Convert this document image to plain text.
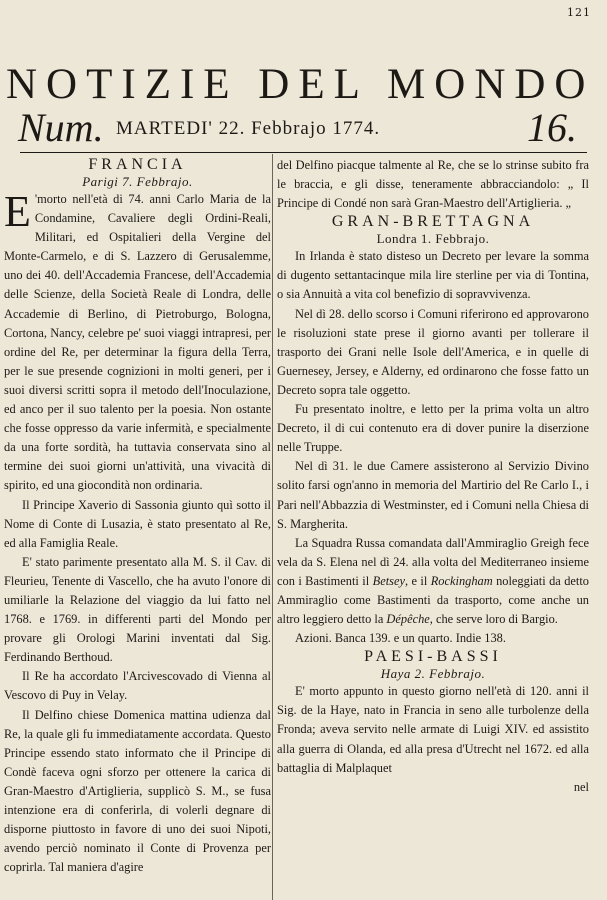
121
NOTIZIE DEL MONDO
Num. MARTEDI' 22. Febbrajo 1774.	16.

FRANCIA

Parigi 7. Febbrajo.

E 'morto nell'età di 74. anni Carlo Maria de la Condamine, Cavaliere degli Ordini-Reali, Militari, ed Ospitalieri della Vergine del Monte-Carmelo, e di S. Lazzero di Gerusalemme, uno dei 40. dell'Accademia Francese, dell'Accademia delle Scienze, della Società Reale di Londra, delle Accademie di Berlino, di Pietroburgo, Bologna, Cortona, Nancy, celebre pe' suoi viaggi intrapresi, per ordine del Re, per determinar la figura della Terra, per le sue presende cognizioni in molti generi, per i suoi diversi scritti sopra il metodo dell'Inoculazione, ed anco per il suo talento per la poesia. Non ostante che fosse oppresso da varie infermità, e specialmente da una forte sordità, ha tuttavia conservata sino al termine dei suoi giorni un'attività, una vivacità di spirito, ed una giocondità non ordinaria.

Il Principe Xaverio di Sassonia giunto quì sotto il Nome di Conte di Lusazia, è stato presentato al Re, ed alla Famiglia Reale.

E' stato parimente presentato alla M. S. il Cav. di Fleurieu, Tenente di Vascello, che ha avuto l'onore di umiliarle la Relazione del viaggio da lui fatto nel 1768. e 1769. in differenti parti del Mondo per provare gli Orologi Marini inventati dal Sig. Ferdinando Berthoud.

Il Re ha accordato l'Arcivescovado di Vienna al Vescovo di Puy in Velay.

Il Delfino chiese Domenica mattina udienza dal Re, la quale gli fu immediatamente accordata. Questo Principe essendo stato informato che il Principe di Condè faceva ogni sforzo per ottenere la carica di Gran-Maestro d'Artiglieria, supplicò S. M., se fusa intenzione era di conferirla, di volerli degnare di disporne piuttosto in favore di uno dei suoi Nipoti, avendo perciò nominato il Conte di Provenza per coprirla. Tal maniera d'agire

del Delfino piacque talmente al Re, che se lo strinse subito fra le braccia, e gli disse, teneramente abbracciandolo: „ Il Principe di Condé non sarà Gran-Maestro dell'Artiglieria. „

GRAN-BRETTAGNA

Londra 1. Febbrajo.

In Irlanda è stato disteso un Decreto per levare la somma di dugento settantacinque mila lire sterline per via di Tontina, o sia Annuità a vita col benefizio di sopravvivenza.

Nel dì 28. dello scorso i Comuni riferirono ed approvarono le risoluzioni state prese il giorno avanti per tollerare il trasporto dei Grani nelle Isole dell'America, e in quelle di Guernesey, Jersey, e Alderny, ed ordinarono che fosse fatto un Decreto sopra tale oggetto.

Fu presentato inoltre, e letto per la prima volta un altro Decreto, il di cui contenuto era di dover punire la diserzione nelle Truppe.

Nel dì 31. le due Camere assisterono al Servizio Divino solito farsi ogn'anno in memoria del Martirio del Re Carlo I., i Pari nell'Abbazzia di Westminster, ed i Comuni nella Chiesa di S. Margherita.

La Squadra Russa comandata dall'Ammiraglio Greigh fece vela da S. Elena nel dì 24. alla volta del Mediterraneo insieme con i Bastimenti il Betsey, e il Rockingham noleggiati da detto Ammiraglio come Bastimenti da trasporto, come anche un altro leggiero detto la Dépêche, che serve loro di Bargio.

Azioni. Banca 139. e un quarto. Indie 138.

PAESI-BASSI

Haya 2. Febbrajo.

E' morto appunto in questo giorno nell'età di 120. anni il Sig. de la Haye, nato in Francia in seno alle turbolenze della Fronda; aveva servito nelle armate di Luigi XIV. ed assistito alla guerra di Olanda, ed alla presa d'Utrecht nel 1672. ed alla battaglia di Malplaquet

nel
